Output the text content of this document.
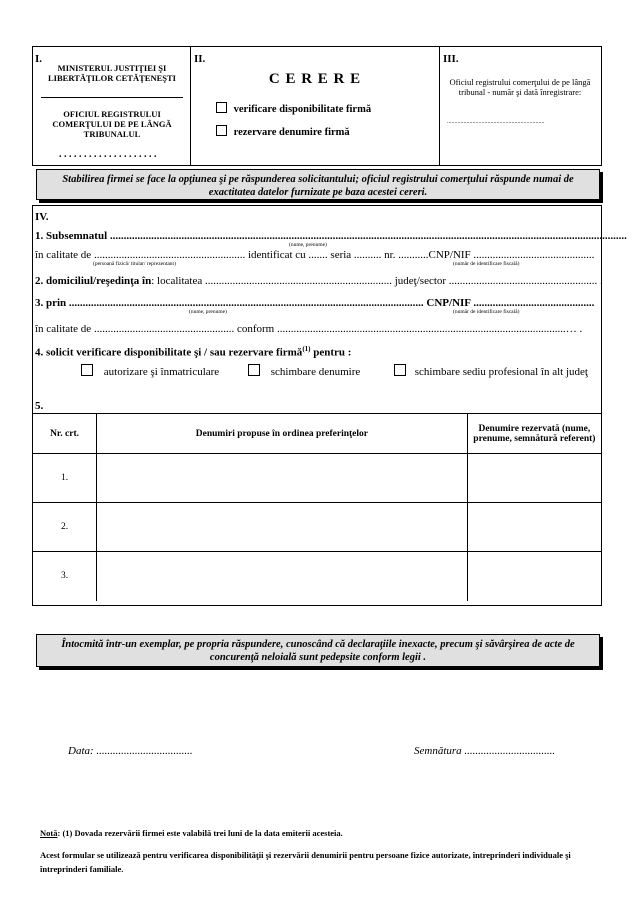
I.
MINISTERUL JUSTIŢIEI ŞI LIBERTĂŢILOR CETĂŢENEŞTI
OFICIUL REGISTRULUI COMERŢULUI DE PE LÂNGĂ TRIBUNALUL
. . . . . . . . . . . . . . . . . . . .
II.
C E R E R E
verificare disponibilitate firmă
rezervare denumire firmă
III.
Oficiul registrului comerţului de pe lângă tribunal - număr şi dată înregistrare:
.................................................................
Stabilirea firmei se face la opţiunea şi pe răspunderea solicitantului; oficiul registrului comerţului răspunde numai de exactitatea datelor furnizate pe baza acestei cereri.
IV.
1. Subsemnatul ............................................................................................................................................................................................
(nume, prenume)
în calitate de ....................................................... identificat cu ....... seria .......... nr. ...........CNP/NIF ............................................
(persoană fizică/ titular/ reprezentant)	(număr de identificare fiscală)
2. domiciliul/reşedinţa în: localitatea .................................................................... judeţ/sector ...................................................... .
3. prin ................................................................................................................................. CNP/NIF ............................................
(nume, prenume)	(număr de identificare fiscală)
în calitate de ................................................... conform .........................................................................................................… .
4. solicit verificare disponibilitate şi / sau rezervare firmă$^{(1)}$ pentru :
autorizare şi înmatriculare	schimbare denumire	schimbare sediu profesional în alt judeţ
5.
Nr. crt.	Denumiri propuse în ordinea preferinţelor	Denumire rezervată (nume, prenume, semnătură referent)
1.		
2.		
3.		
Întocmită într-un exemplar, pe propria răspundere, cunoscând că declaraţiile inexacte, precum şi săvârşirea de acte de concurenţă neloială sunt pedepsite conform legii .
Data: ...................................	Semnătura .................................
Notă: (1) Dovada rezervării firmei este valabilă trei luni de la data emiterii acesteia.
Acest formular se utilizează pentru verificarea disponibilităţii şi rezervării denumirii pentru persoane fizice autorizate, întreprinderi individuale şi întreprinderi familiale.
